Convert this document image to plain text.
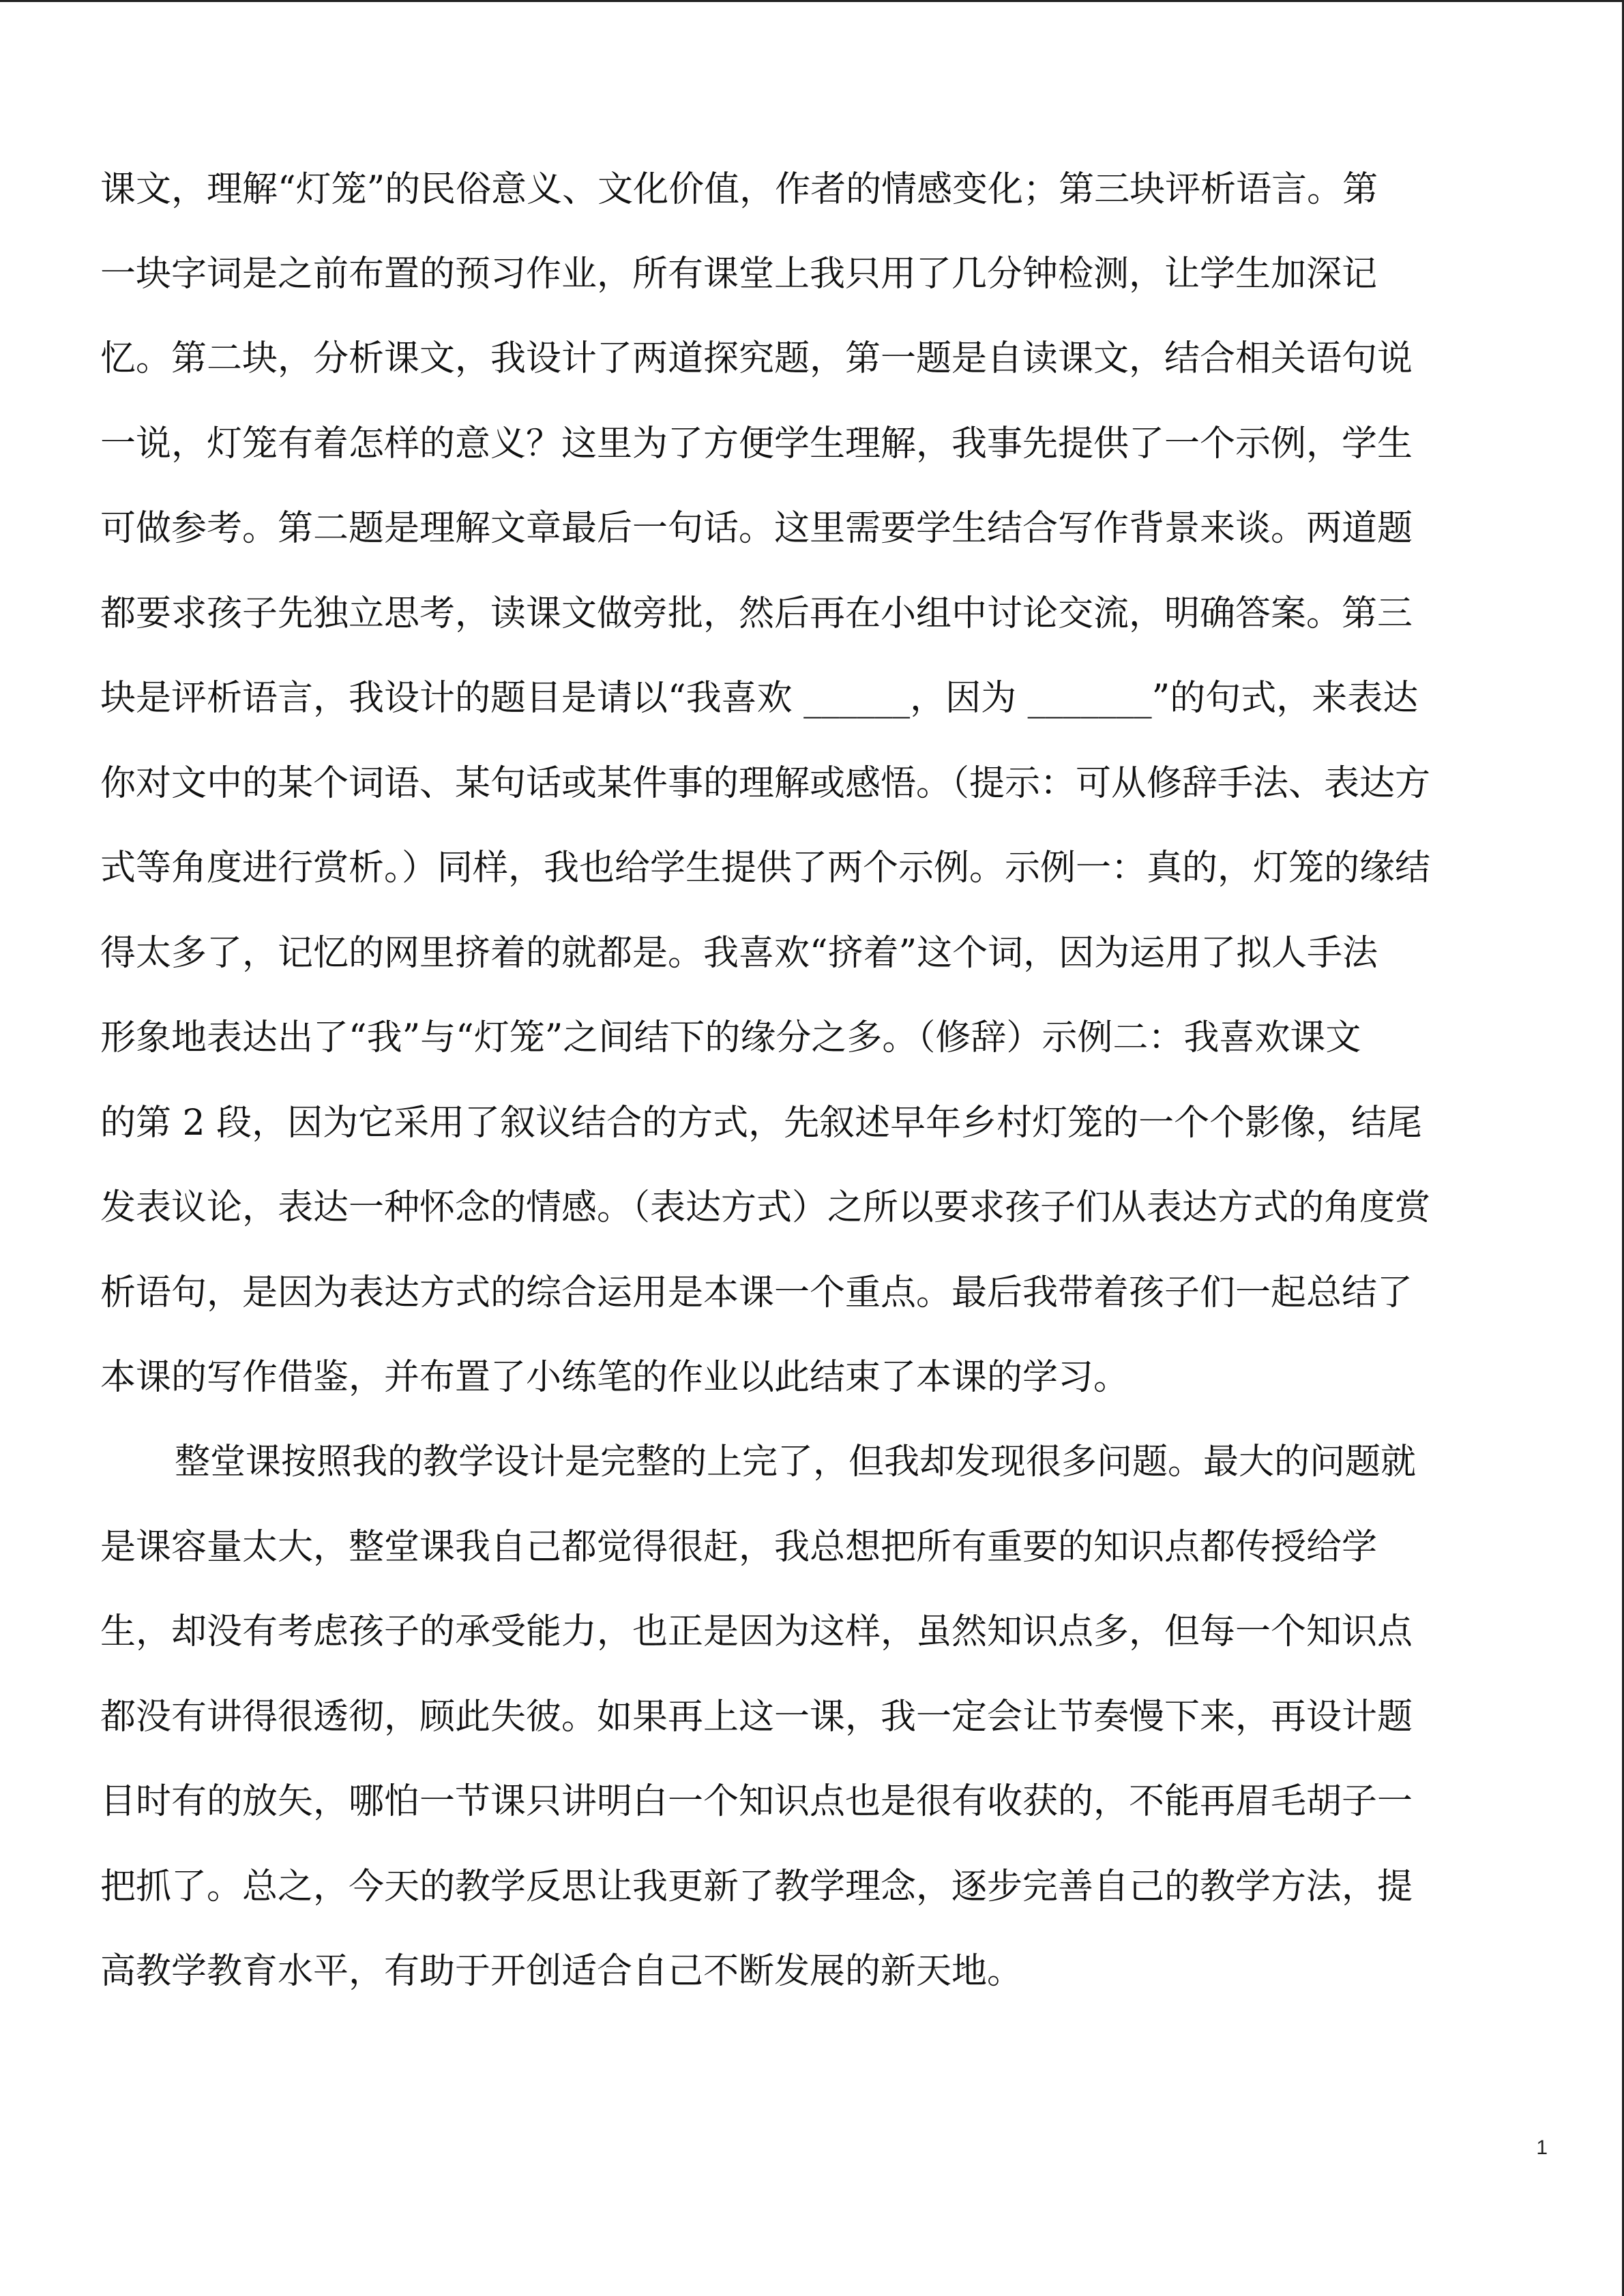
课文，理解“灯笼”的民俗意义、文化价值，作者的情感变化；第三块评析语言。第
一块字词是之前布置的预习作业，所有课堂上我只用了几分钟检测，让学生加深记
忆。第二块，分析课文，我设计了两道探究题，第一题是自读课文，结合相关语句说
一说，灯笼有着怎样的意义？这里为了方便学生理解，我事先提供了一个示例，学生
可做参考。第二题是理解文章最后一句话。这里需要学生结合写作背景来谈。两道题
都要求孩子先独立思考，读课文做旁批，然后再在小组中讨论交流，明确答案。第三
块是评析语言，我设计的题目是请以“我喜欢 ______，因为 _______”的句式，来表达
你对文中的某个词语、某句话或某件事的理解或感悟。（提示：可从修辞手法、表达方
式等角度进行赏析。）同样，我也给学生提供了两个示例。示例一：真的，灯笼的缘结
得太多了，记忆的网里挤着的就都是。我喜欢“挤着”这个词，因为运用了拟人手法
形象地表达出了“我”与“灯笼”之间结下的缘分之多。（修辞）示例二：我喜欢课文
的第 2 段，因为它采用了叙议结合的方式，先叙述早年乡村灯笼的一个个影像，结尾
发表议论，表达一种怀念的情感。（表达方式）之所以要求孩子们从表达方式的角度赏
析语句，是因为表达方式的综合运用是本课一个重点。最后我带着孩子们一起总结了
本课的写作借鉴，并布置了小练笔的作业以此结束了本课的学习。
整堂课按照我的教学设计是完整的上完了，但我却发现很多问题。最大的问题就
是课容量太大，整堂课我自己都觉得很赶，我总想把所有重要的知识点都传授给学
生，却没有考虑孩子的承受能力，也正是因为这样，虽然知识点多，但每一个知识点
都没有讲得很透彻，顾此失彼。如果再上这一课，我一定会让节奏慢下来，再设计题
目时有的放矢，哪怕一节课只讲明白一个知识点也是很有收获的，不能再眉毛胡子一
把抓了。总之，今天的教学反思让我更新了教学理念，逐步完善自己的教学方法，提
高教学教育水平，有助于开创适合自己不断发展的新天地。
1
